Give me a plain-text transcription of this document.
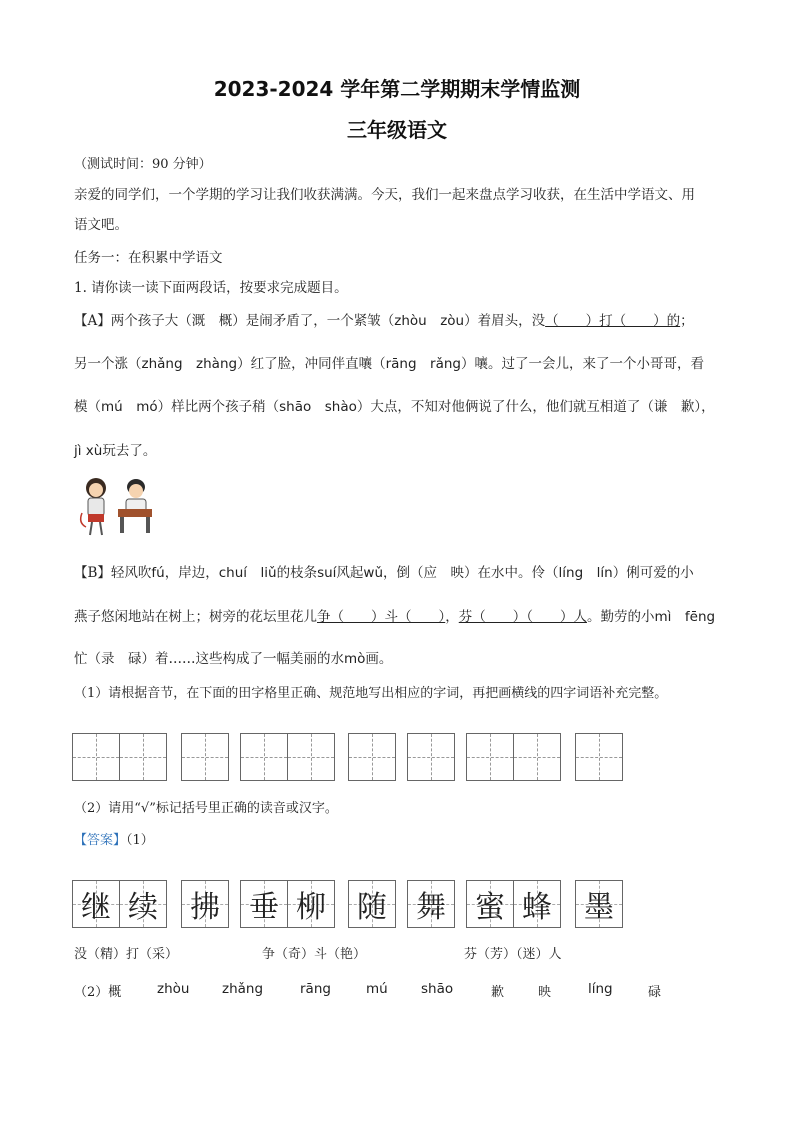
2023-2024 学年第二学期期末学情监测
三年级语文
（测试时间：90 分钟）
亲爱的同学们，一个学期的学习让我们收获满满。今天，我们一起来盘点学习收获，在生活中学语文、用
语文吧。
任务一：在积累中学语文
1. 请你读一读下面两段话，按要求完成题目。
【A】两个孩子大（溉　概）是闹矛盾了，一个紧皱（zhòu　zòu）着眉头，没（　　）打（　　）的；
另一个涨（zhǎng　zhàng）红了脸，冲同伴直嚷（rāng　rǎng）嚷。过了一会儿，来了一个小哥哥，看
模（mú　mó）样比两个孩子稍（shāo　shào）大点，不知对他俩说了什么，他们就互相道了（谦　歉），
jì xù玩去了。
【B】轻风吹fú，岸边，chuí　liǔ的枝条suí风起wǔ，倒（应　映）在水中。伶（líng　lín）俐可爱的小
燕子悠闲地站在树上；树旁的花坛里花儿争（　　）斗（　　），芬（　　）（　　）人。勤劳的小mì　fēng
忙（录　碌）着……这些构成了一幅美丽的水mò画。
（1）请根据音节，在下面的田字格里正确、规范地写出相应的字词，再把画横线的四字词语补充完整。
（2）请用“√”标记括号里正确的读音或汉字。
【答案】（1）
继 续 拂 垂 柳 随 舞 蜜 蜂 墨
没（精）打（采）	争（奇）斗（艳）	芬（芳）（迷）人
（2）概	zhòu zhǎng	rāng	mú shāo	歉	映	líng	碌
